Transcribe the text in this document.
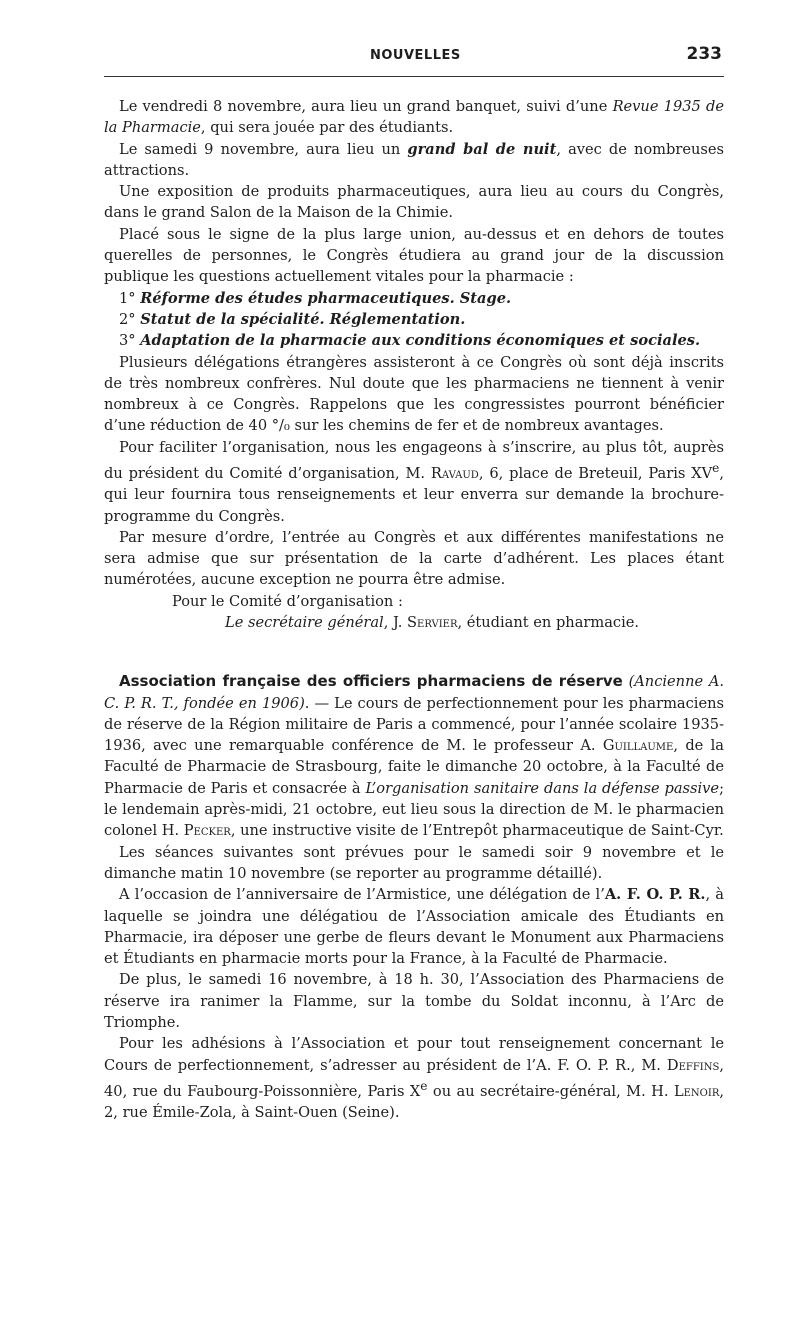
NOUVELLES	233

Le vendredi 8 novembre, aura lieu un grand banquet, suivi d’une Revue 1935 de la Pharmacie, qui sera jouée par des étudiants.

Le samedi 9 novembre, aura lieu un grand bal de nuit, avec de nombreuses attractions.

Une exposition de produits pharmaceutiques, aura lieu au cours du Congrès, dans le grand Salon de la Maison de la Chimie.

Placé sous le signe de la plus large union, au-dessus et en dehors de toutes querelles de personnes, le Congrès étudiera au grand jour de la discussion publique les questions actuellement vitales pour la pharmacie :

1° Réforme des études pharmaceutiques. Stage.

2° Statut de la spécialité. Réglementation.

3° Adaptation de la pharmacie aux conditions économiques et sociales.

Plusieurs délégations étrangères assisteront à ce Congrès où sont déjà inscrits de très nombreux confrères. Nul doute que les pharmaciens ne tiennent à venir nombreux à ce Congrès. Rappelons que les congressistes pourront bénéficier d’une réduction de 40 °/₀ sur les chemins de fer et de nombreux avantages.

Pour faciliter l’organisation, nous les engageons à s’inscrire, au plus tôt, auprès du président du Comité d’organisation, M. Ravaud, 6, place de Breteuil, Paris XVe, qui leur fournira tous renseignements et leur enverra sur demande la brochure-programme du Congrès.

Par mesure d’ordre, l’entrée au Congrès et aux différentes manifestations ne sera admise que sur présentation de la carte d’adhérent. Les places étant numérotées, aucune exception ne pourra être admise.

Pour le Comité d’organisation :

Le secrétaire général, J. Servier, étudiant en pharmacie.

Association française des officiers pharmaciens de réserve (Ancienne A. C. P. R. T., fondée en 1906). — Le cours de perfectionnement pour les pharmaciens de réserve de la Région militaire de Paris a commencé, pour l’année scolaire 1935-1936, avec une remarquable conférence de M. le professeur A. Guillaume, de la Faculté de Pharmacie de Strasbourg, faite le dimanche 20 octobre, à la Faculté de Pharmacie de Paris et consacrée à L’organisation sanitaire dans la défense passive; le lendemain après-midi, 21 octobre, eut lieu sous la direction de M. le pharmacien colonel H. Pecker, une instructive visite de l’Entrepôt pharmaceutique de Saint-Cyr.

Les séances suivantes sont prévues pour le samedi soir 9 novembre et le dimanche matin 10 novembre (se reporter au programme détaillé).

A l’occasion de l’anniversaire de l’Armistice, une délégation de l’A. F. O. P. R., à laquelle se joindra une délégatiou de l’Association amicale des Étudiants en Pharmacie, ira déposer une gerbe de fleurs devant le Monument aux Pharmaciens et Étudiants en pharmacie morts pour la France, à la Faculté de Pharmacie.

De plus, le samedi 16 novembre, à 18 h. 30, l’Association des Pharmaciens de réserve ira ranimer la Flamme, sur la tombe du Soldat inconnu, à l’Arc de Triomphe.

Pour les adhésions à l’Association et pour tout renseignement concernant le Cours de perfectionnement, s’adresser au président de l’A. F. O. P. R., M. Deffins, 40, rue du Faubourg-Poissonnière, Paris Xe ou au secrétaire-général, M. H. Lenoir, 2, rue Émile-Zola, à Saint-Ouen (Seine).
